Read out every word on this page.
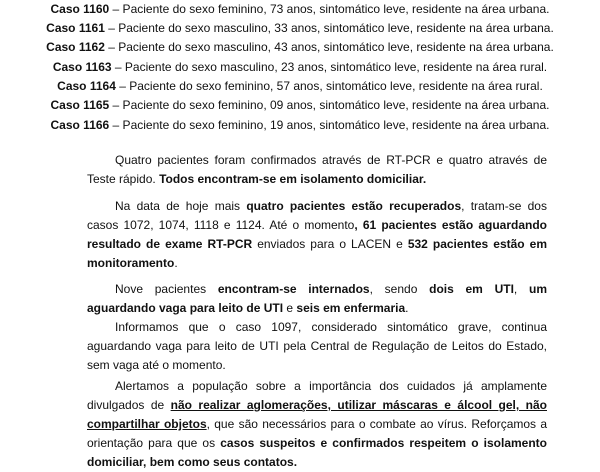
Caso 1160 – Paciente do sexo feminino, 73 anos, sintomático leve, residente na área urbana.
Caso 1161 – Paciente do sexo masculino, 33 anos, sintomático leve, residente na área urbana.
Caso 1162 – Paciente do sexo masculino, 43 anos, sintomático leve, residente na área urbana.
Caso 1163 – Paciente do sexo masculino, 23 anos, sintomático leve, residente na área rural.
Caso 1164 – Paciente do sexo feminino, 57 anos, sintomático leve, residente na área rural.
Caso 1165 – Paciente do sexo feminino, 09 anos, sintomático leve, residente na área urbana.
Caso 1166 – Paciente do sexo feminino, 19 anos, sintomático leve, residente na área urbana.

Quatro pacientes foram confirmados através de RT-PCR e quatro através de Teste rápido. Todos encontram-se em isolamento domiciliar.

Na data de hoje mais quatro pacientes estão recuperados, tratam-se dos casos 1072, 1074, 1118 e 1124. Até o momento, 61 pacientes estão aguardando resultado de exame RT-PCR enviados para o LACEN e 532 pacientes estão em monitoramento.

Nove pacientes encontram-se internados, sendo dois em UTI, um aguardando vaga para leito de UTI e seis em enfermaria.

Informamos que o caso 1097, considerado sintomático grave, continua aguardando vaga para leito de UTI pela Central de Regulação de Leitos do Estado, sem vaga até o momento.

Alertamos a população sobre a importância dos cuidados já amplamente divulgados de não realizar aglomerações, utilizar máscaras e álcool gel, não compartilhar objetos, que são necessários para o combate ao vírus. Reforçamos a orientação para que os casos suspeitos e confirmados respeitem o isolamento domiciliar, bem como seus contatos.
